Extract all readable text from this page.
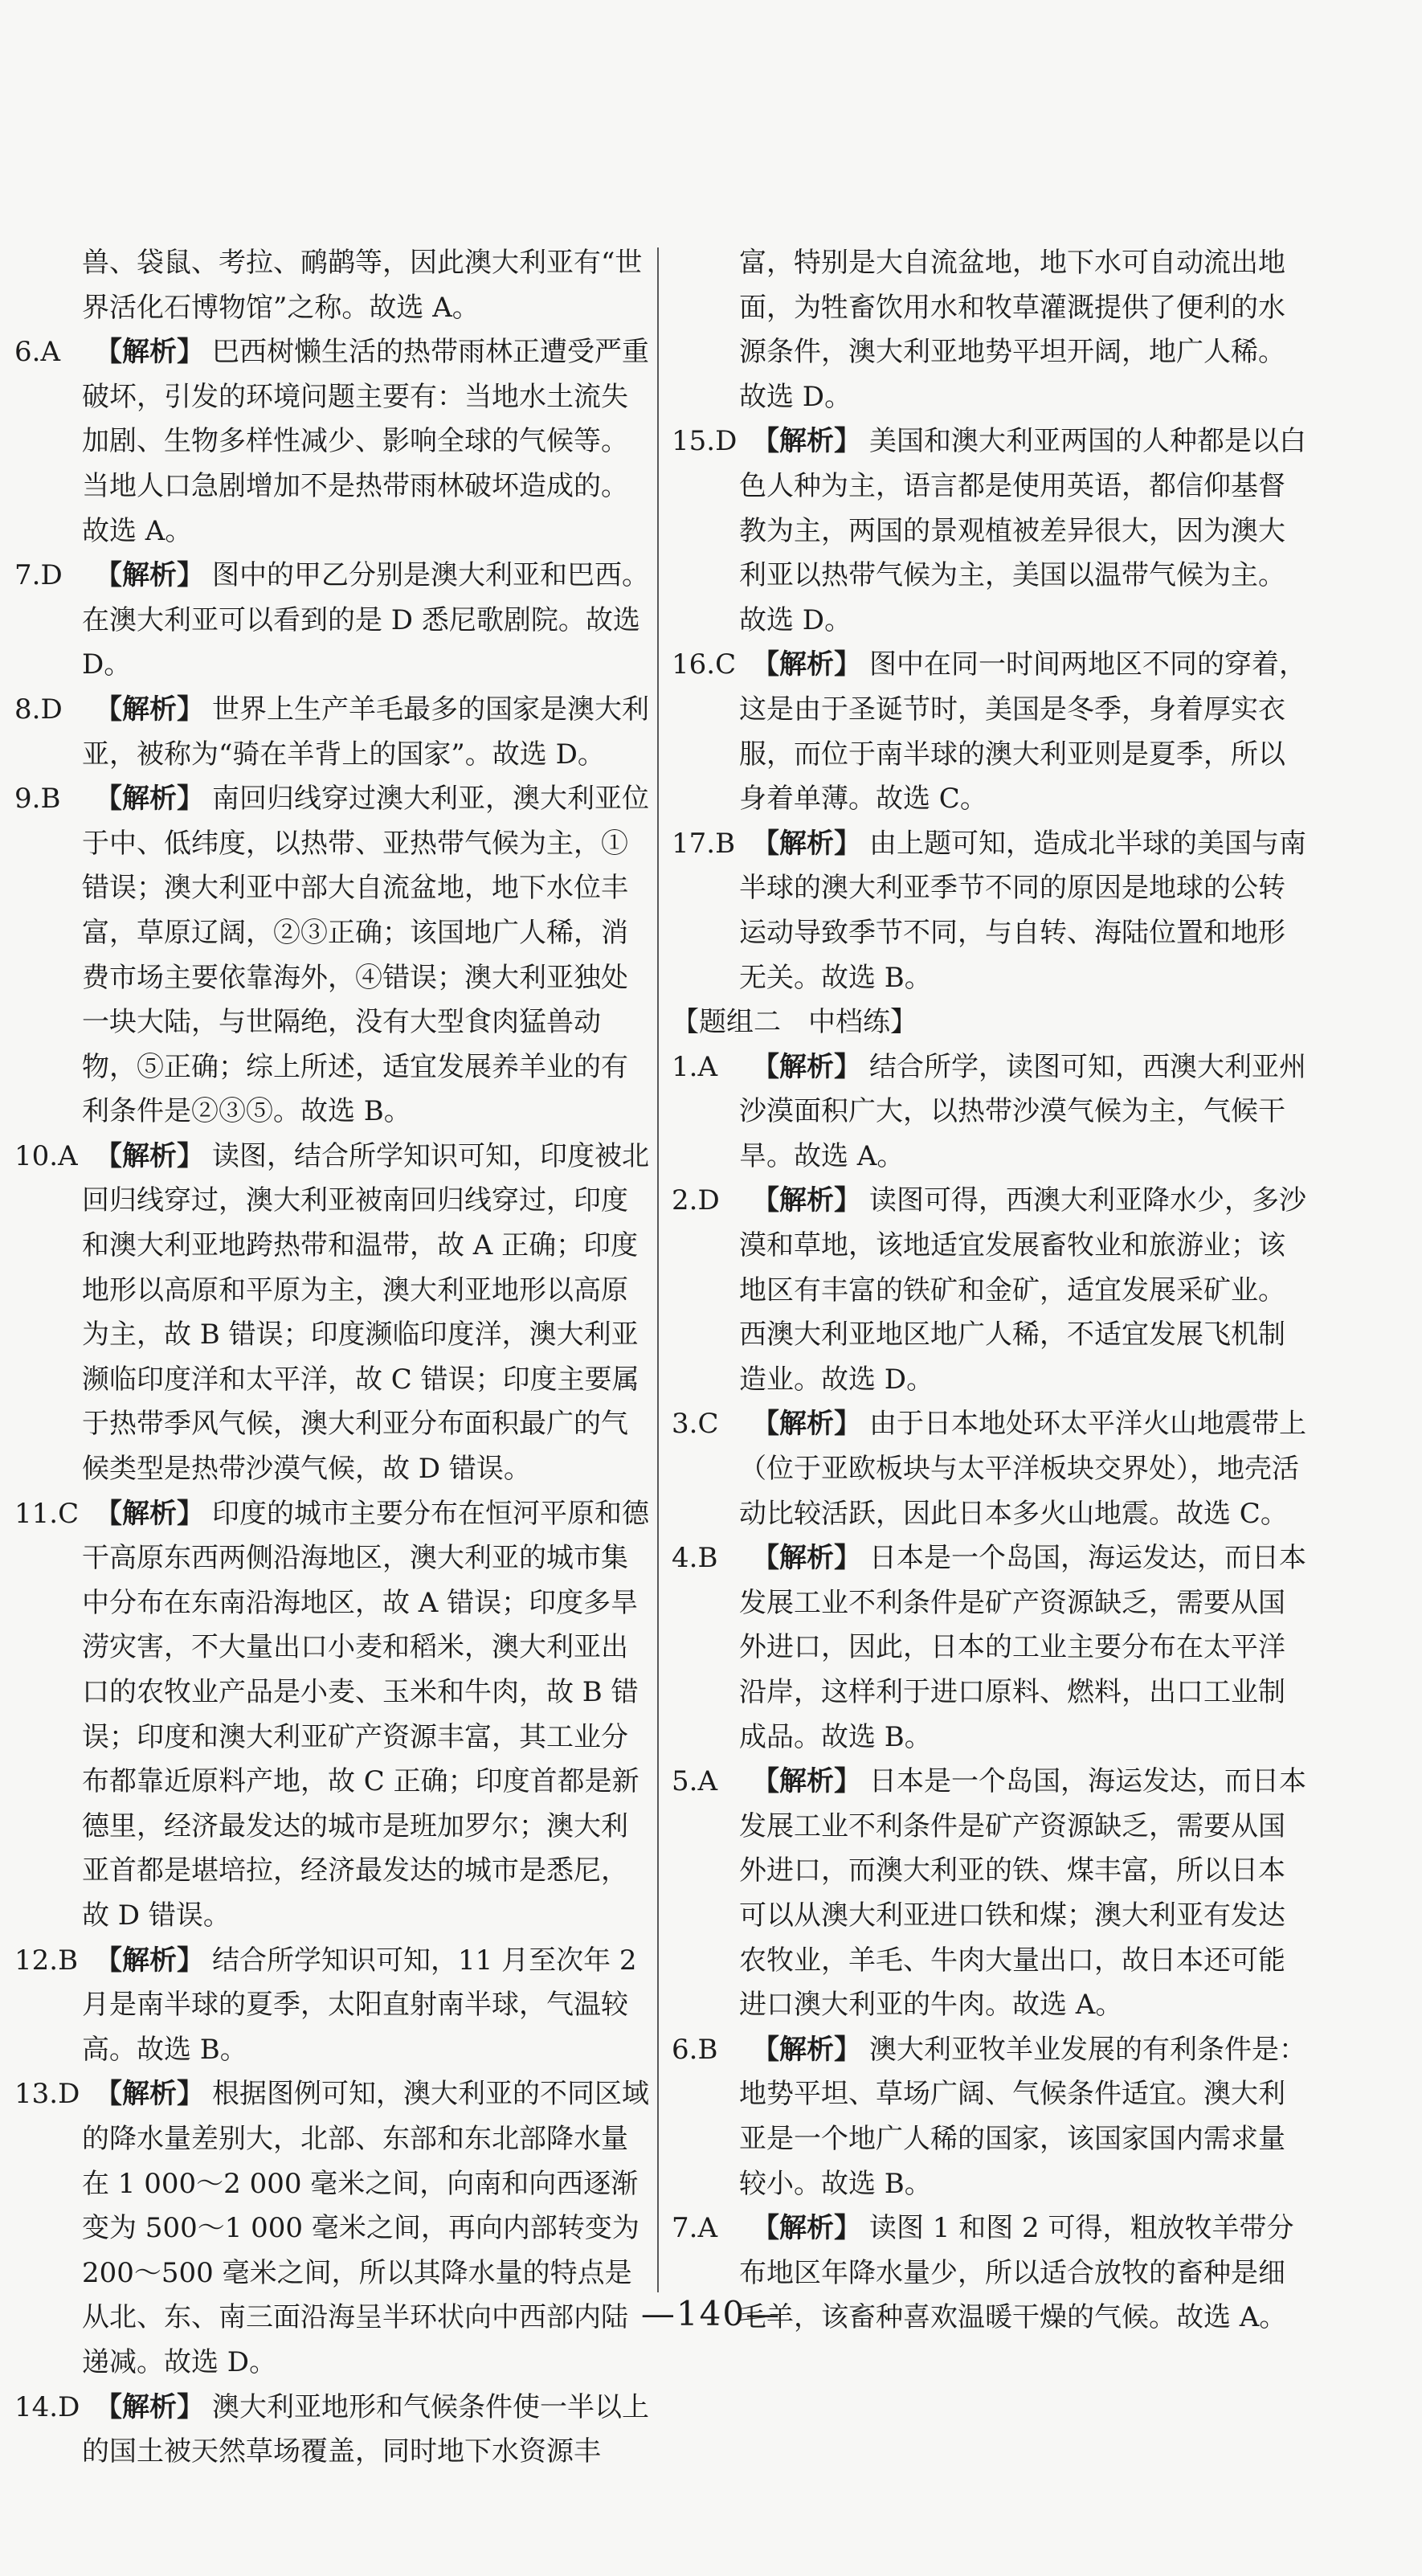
兽、袋鼠、考拉、鸸鹋等，因此澳大利亚有“世界活化石博物馆”之称。故选 A。

6.A 【解析】 巴西树懒生活的热带雨林正遭受严重破坏，引发的环境问题主要有：当地水土流失加剧、生物多样性减少、影响全球的气候等。当地人口急剧增加不是热带雨林破坏造成的。故选 A。

7.D 【解析】 图中的甲乙分别是澳大利亚和巴西。在澳大利亚可以看到的是 D 悉尼歌剧院。故选 D。

8.D 【解析】 世界上生产羊毛最多的国家是澳大利亚，被称为“骑在羊背上的国家”。故选 D。

9.B 【解析】 南回归线穿过澳大利亚，澳大利亚位于中、低纬度，以热带、亚热带气候为主，①错误；澳大利亚中部大自流盆地，地下水位丰富，草原辽阔，②③正确；该国地广人稀，消费市场主要依靠海外，④错误；澳大利亚独处一块大陆，与世隔绝，没有大型食肉猛兽动物，⑤正确；综上所述，适宜发展养羊业的有利条件是②③⑤。故选 B。

10.A 【解析】 读图，结合所学知识可知，印度被北回归线穿过，澳大利亚被南回归线穿过，印度和澳大利亚地跨热带和温带，故 A 正确；印度地形以高原和平原为主，澳大利亚地形以高原为主，故 B 错误；印度濒临印度洋，澳大利亚濒临印度洋和太平洋，故 C 错误；印度主要属于热带季风气候，澳大利亚分布面积最广的气候类型是热带沙漠气候，故 D 错误。

11.C 【解析】 印度的城市主要分布在恒河平原和德干高原东西两侧沿海地区，澳大利亚的城市集中分布在东南沿海地区，故 A 错误；印度多旱涝灾害，不大量出口小麦和稻米，澳大利亚出口的农牧业产品是小麦、玉米和牛肉，故 B 错误；印度和澳大利亚矿产资源丰富，其工业分布都靠近原料产地，故 C 正确；印度首都是新德里，经济最发达的城市是班加罗尔；澳大利亚首都是堪培拉，经济最发达的城市是悉尼，故 D 错误。

12.B 【解析】 结合所学知识可知，11 月至次年 2 月是南半球的夏季，太阳直射南半球，气温较高。故选 B。

13.D 【解析】 根据图例可知，澳大利亚的不同区域的降水量差别大，北部、东部和东北部降水量在 1 000～2 000 毫米之间，向南和向西逐渐变为 500～1 000 毫米之间，再向内部转变为 200～500 毫米之间，所以其降水量的特点是从北、东、南三面沿海呈半环状向中西部内陆递减。故选 D。

14.D 【解析】 澳大利亚地形和气候条件使一半以上的国土被天然草场覆盖，同时地下水资源丰

富，特别是大自流盆地，地下水可自动流出地面，为牲畜饮用水和牧草灌溉提供了便利的水源条件，澳大利亚地势平坦开阔，地广人稀。故选 D。

15.D 【解析】 美国和澳大利亚两国的人种都是以白色人种为主，语言都是使用英语，都信仰基督教为主，两国的景观植被差异很大，因为澳大利亚以热带气候为主，美国以温带气候为主。故选 D。

16.C 【解析】 图中在同一时间两地区不同的穿着，这是由于圣诞节时，美国是冬季，身着厚实衣服，而位于南半球的澳大利亚则是夏季，所以身着单薄。故选 C。

17.B 【解析】 由上题可知，造成北半球的美国与南半球的澳大利亚季节不同的原因是地球的公转运动导致季节不同，与自转、海陆位置和地形无关。故选 B。

【题组二　中档练】

1.A 【解析】 结合所学，读图可知，西澳大利亚州沙漠面积广大，以热带沙漠气候为主，气候干旱。故选 A。

2.D 【解析】 读图可得，西澳大利亚降水少，多沙漠和草地，该地适宜发展畜牧业和旅游业；该地区有丰富的铁矿和金矿，适宜发展采矿业。西澳大利亚地区地广人稀，不适宜发展飞机制造业。故选 D。

3.C 【解析】 由于日本地处环太平洋火山地震带上（位于亚欧板块与太平洋板块交界处），地壳活动比较活跃，因此日本多火山地震。故选 C。

4.B 【解析】 日本是一个岛国，海运发达，而日本发展工业不利条件是矿产资源缺乏，需要从国外进口，因此，日本的工业主要分布在太平洋沿岸，这样利于进口原料、燃料，出口工业制成品。故选 B。

5.A 【解析】 日本是一个岛国，海运发达，而日本发展工业不利条件是矿产资源缺乏，需要从国外进口，而澳大利亚的铁、煤丰富，所以日本可以从澳大利亚进口铁和煤；澳大利亚有发达农牧业，羊毛、牛肉大量出口，故日本还可能进口澳大利亚的牛肉。故选 A。

6.B 【解析】 澳大利亚牧羊业发展的有利条件是：地势平坦、草场广阔、气候条件适宜。澳大利亚是一个地广人稀的国家，该国家国内需求量较小。故选 B。

7.A 【解析】 读图 1 和图 2 可得，粗放牧羊带分布地区年降水量少，所以适合放牧的畜种是细毛羊，该畜种喜欢温暖干燥的气候。故选 A。

—140—
